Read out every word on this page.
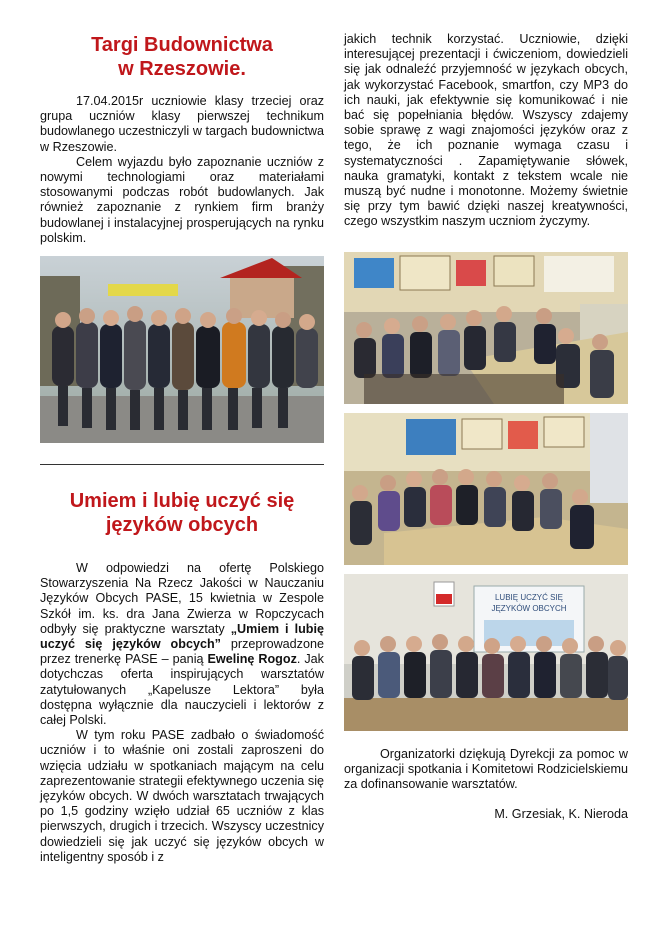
Targi Budownictwa
w Rzeszowie.

17.04.2015r uczniowie klasy trzeciej oraz grupa uczniów klasy pierwszej technikum budowlanego uczestniczyli w targach budownictwa w Rzeszowie.

Celem wyjazdu było zapoznanie uczniów z nowymi technologiami oraz materiałami stosowanymi podczas robót budowlanych. Jak również zapoznanie z rynkiem firm branży budowlanej i instalacyjnej prosperujących na rynku polskim.

Umiem i lubię uczyć się
języków obcych

W odpowiedzi na ofertę Polskiego Stowarzyszenia Na Rzecz Jakości w Nauczaniu Języków Obcych PASE, 15 kwietnia w Zespole Szkół im. ks. dra Jana Zwierza w Ropczycach odbyły się praktyczne warsztaty „Umiem i lubię uczyć się języków obcych” przeprowadzone przez trenerkę PASE – panią Ewelinę Rogoz. Jak dotychczas oferta inspirujących warsztatów zatytułowanych „Kapelusze Lektora” była dostępna wyłącznie dla nauczycieli i lektorów z całej Polski.

W tym roku PASE zadbało o świadomość uczniów i to właśnie oni zostali zaproszeni do wzięcia udziału w spotkaniach mającym na celu zaprezentowanie strategii efektywnego uczenia się języków obcych. W dwóch warsztatach trwających po 1,5 godziny wzięło udział 65 uczniów z klas pierwszych, drugich i trzecich. Wszyscy uczestnicy dowiedzieli się jak uczyć się języków obcych w inteligentny sposób i z

jakich technik korzystać. Uczniowie, dzięki interesującej prezentacji i ćwiczeniom, dowiedzieli się jak odnaleźć przyjemność w językach obcych, jak wykorzystać Facebook, smartfon, czy MP3 do ich nauki, jak efektywnie się komunikować i nie bać się popełniania błędów. Wszyscy zdajemy sobie sprawę z wagi znajomości języków oraz z tego, że ich poznanie wymaga czasu i systematyczności . Zapamiętywanie słówek, nauka gramatyki, kontakt z tekstem wcale nie muszą być nudne i monotonne. Możemy świetnie się przy tym bawić dzięki naszej kreatywności, czego wszystkim naszym uczniom życzymy.

LUBIĘ UCZYĆ SIĘ
JĘZYKÓW OBCYCH

Organizatorki dziękują Dyrekcji za pomoc w organizacji spotkania i Komitetowi Rodzicielskiemu za dofinansowanie warsztatów.

M. Grzesiak, K. Nieroda
